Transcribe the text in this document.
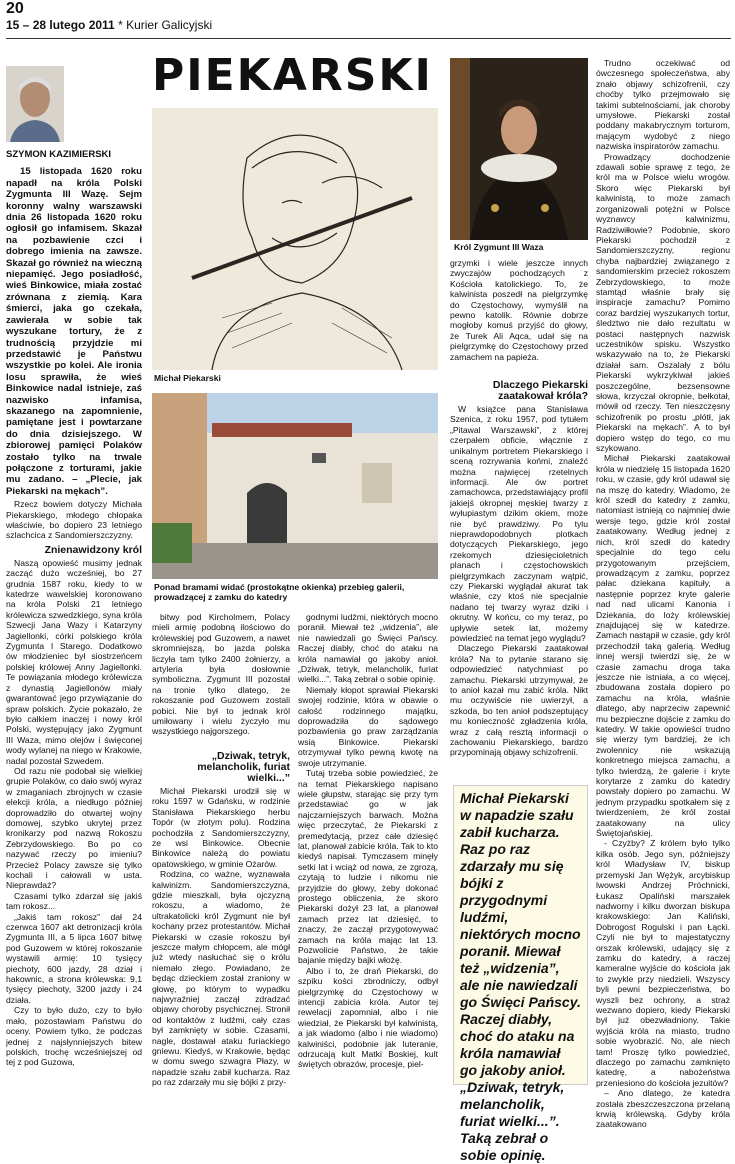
20
15 – 28 lutego 2011 * Kurier Galicyjski
PIEKARSKI
SZYMON KAZIMIERSKI

15 listopada 1620 roku napadł na króla Polski Zygmunta III Wazę. Sejm koronny walny warszawski dnia 26 listopada 1620 roku ogłosił go infamisem. Skazał na pozbawienie czci i dobrego imienia na zawsze. Skazał go również na wieczną niepamięć. Jego posiadłość, wieś Binkowice, miała zostać zrównana z ziemią. Kara śmierci, jaka go czekała, zawierała w sobie tak wyszukane tortury, że z trudnością przyjdzie mi przedstawić je Państwu wszystkie po kolei. Ale ironia losu sprawiła, że wieś Binkowice nadal istnieje, zaś nazwisko infamisa, skazanego na zapomnienie, pamiętane jest i powtarzane do dnia dzisiejszego. W zbiorowej pamięci Polaków zostało tylko na trwale połączone z torturami, jakie mu zadano. – „Plecie, jak Piekarski na mękach”.

Rzecz bowiem dotyczy Michała Piekarskiego, młodego chłopaka właściwie, bo dopiero 23 letniego szlachcica z Sandomierszczyzny.

Znienawidzony król

Naszą opowieść musimy jednak zacząć dużo wcześniej, bo 27 grudnia 1587 roku, kiedy to w katedrze wawelskiej koronowano na króla Polski 21 letniego królewicza szwedzkiego, syna króla Szwecji Jana Wazy i Katarzyny Jagiellonki, córki polskiego króla Zygmunta I Starego. Dodatkowo ów młodzieniec był siostrzeńcem polskiej królowej Anny Jagiellonki. Te powiązania młodego królewicza z dynastią Jagiellonów miały gwarantować jego przywiązanie do spraw polskich. Życie pokazało, że było całkiem inaczej i nowy król Polski, występujący jako Zygmunt III Waza, mimo olejów i święconej wody wylanej na niego w Krakowie, nadal pozostał Szwedem.

Od razu nie podobał się wielkiej grupie Polaków, co dało swój wyraz w zmaganiach zbrojnych w czasie elekcji króla, a niedługo później doprowadziło do otwartej wojny domowej, szybko ukrytej przez kronikarzy pod nazwą Rokoszu Zebrzydowskiego. Bo po co nazywać rzeczy po imieniu? Przecież Polacy zawsze się tylko kochali i całowali w usta. Nieprawdaż?

Czasami tylko zdarzał się jakiś tam rokosz...

„Jakiś tam rokosz” dał 24 czerwca 1607 akt detronizacji króla Zygmunta III, a 5 lipca 1607 bitwę pod Guzowem w której rokoszanie wystawili armię: 10 tysięcy piechoty, 600 jazdy, 28 dział i hakownic, a strona królewska: 9,1 tysięcy piechoty, 3200 jazdy i 24 działa.

Czy to było dużo, czy to było mało, pozostawiam Państwu do oceny. Powiem tylko, że podczas jednej z najsłynniejszych bitew polskich, trochę wcześniejszej od tej z pod Guzowa,

Michał Piekarski
Ponad bramami widać (prostokątne okienka) przebieg galerii, prowadzącej z zamku do katedry

bitwy pod Kircholmem, Polacy mieli armię podobną ilościowo do królewskiej pod Guzowem, a nawet skromniejszą, bo jazda polska liczyła tam tylko 2400 żołnierzy, a artyleria była dosłownie symboliczna. Zygmunt III pozostał na tronie tylko dlatego, że rokoszanie pod Guzowem zostali pobici. Nie był to jednak król umiłowany i wielu życzyło mu wszystkiego najgorszego.

„Dziwak, tetryk, melancholik, furiat wielki...”

Michał Piekarski urodził się w roku 1597 w Gdańsku, w rodzinie Stanisława Piekarskiego herbu Topór (w złotym polu). Rodzina pochodziła z Sandomierszczyzny, ze wsi Binkowice. Obecnie Binkowice należą do powiatu opatowskiego, w gminie Ożarów.

Rodzina, co ważne, wyznawała kalwinizm. Sandomierszczyzna, gdzie mieszkali, była ojczyzną rokoszu, a wiadomo, że ultrakatolicki król Zygmunt nie był kochany przez protestantów. Michał Piekarski w czasie rokoszu był jeszcze małym chłopcem, ale mógł już wtedy nasłuchać się o królu niemało złego. Powiadano, że będąc dzieckiem został zraniony w głowę, po którym to wypadku najwyraźniej zaczął zdradzać objawy choroby psychicznej. Stronił od kontaktów z ludźmi, cały czas był zamknięty w sobie. Czasami, nagle, dostawał ataku furiackiego gniewu. Kiedyś, w Krakowie, będąc w domu swego szwagra Płazy, w napadzie szału zabił kucharza. Raz po raz zdarzały mu się bójki z przy-

godnymi ludźmi, niektórych mocno poranił. Miewał też „widzenia”, ale nie nawiedzali go Święci Pańscy. Raczej diabły, choć do ataku na króla namawiał go jakoby anioł. „Dziwak, tetryk, melancholik, furiat wielki...”. Taką zebrał o sobie opinię.

Niemały kłopot sprawiał Piekarski swojej rodzinie, która w obawie o całość rodzinnego majątku, doprowadziła do sądowego pozbawienia go praw zarządzania wsią Binkowice. Piekarski otrzymywał tylko pewną kwotę na swoje utrzymanie.

Tutaj trzeba sobie powiedzieć, że na temat Piekarskiego napisano wiele głupstw, starając się przy tym przedstawiać go w jak najczarniejszych barwach. Można więc przeczytać, że Piekarski z premedytacją, przez całe dziesięć lat, planował zabicie króla. Tak to kto kiedyś napisał. Tymczasem minęły setki lat i wciąż od nowa, ze zgrozą, czytają to ludzie i nikomu nie przyjdzie do głowy, żeby dokonać prostego obliczenia, że skoro Piekarski dożył 23 lat, a planował zamach przez lat dziesięć, to znaczy, że zaczął przygotowywać zamach na króla mając lat 13. Pozwolicie Państwo, że takie bajanie między bajki włożę.

Albo i to, że drań Piekarski, do szpiku kości zbrodniczy, odbył pielgrzymkę do Częstochowy w intencji zabicia króla. Autor tej rewelacji zapomniał, albo i nie wiedział, że Piekarski był kalwinistą, a jak wiadomo (albo i nie wiadomo) kalwiniści, podobnie jak luteranie, odrzucają kult Matki Boskiej, kult świętych obrazów, procesje, piel-

Król Zygmunt III Waza

grzymki i wiele jeszcze innych zwyczajów pochodzących z Kościoła katolickiego. To, że kalwinista poszedł na pielgrzymkę do Częstochowy, wymyślił na pewno katolik. Równie dobrze mogłoby komuś przyjść do głowy, że Turek Ali Aqca, udał się na pielgrzymkę do Częstochowy przed zamachem na papieża.

Dlaczego Piekarski zaatakował króla?

W książce pana Stanisława Szenica, z roku 1957, pod tytułem „Pitawal Warszawski”, z której czerpałem obficie, włącznie z unikalnym portretem Piekarskiego i sceną rozrywania końmi, znaleźć można najwięcej rzetelnych informacji. Ale ów portret zamachowca, przedstawiający profil jakiejś okropnej męskiej twarzy z wyłupiastym dzikim okiem, może nie być prawdziwy. Po tylu nieprawdopodobnych plotkach dotyczących Piekarskiego, jego rzekomych dziesięcioletnich planach i częstochowskich pielgrzymkach zaczynam wątpić, czy Piekarski wyglądał akurat tak właśnie, czy ktoś nie specjalnie nadano tej twarzy wyraz dziki i okrutny. W końcu, co my teraz, po upływie setek lat, możemy powiedzieć na temat jego wyglądu?

Dlaczego Piekarski zaatakował króla? Na to pytanie starano się odpowiedzieć natychmiast po zamachu. Piekarski utrzymywał, że to anioł kazał mu zabić króla. Nikt mu oczywiście nie uwierzył, a szkoda, bo ten anioł podszeptujący mu konieczność zgładzenia króla, wraz z całą resztą informacji o zachowaniu Piekarskiego, bardzo przypominają objawy schizofrenii.

Michał Piekarski w napadzie szału zabił kucharza. Raz po raz zdarzały mu się bójki z przygodnymi ludźmi, niektórych mocno poranił. Miewał też „widzenia”, ale nie nawiedzali go Święci Pańscy. Raczej diabły, choć do ataku na króla namawiał go jakoby anioł. „Dziwak, tetryk, melancholik, furiat wielki...”. Taką zebrał o sobie opinię.

Trudno oczekiwać od ówczesnego społeczeństwa, aby znało objawy schizofrenii, czy choćby tylko przejmowało się takimi subtelnościami, jak choroby umysłowe. Piekarski został poddany makabrycznym torturom, mającym wydobyć z niego nazwiska inspiratorów zamachu.

Prowadzący dochodzenie zdawali sobie sprawę z tego, że król ma w Polsce wielu wrogów. Skoro więc Piekarski był kalwinistą, to może zamach zorganizowali potężni w Polsce wyznawcy kalwinizmu, Radziwiłłowie? Podobnie, skoro Piekarski pochodził z Sandomierszczyzny, regionu chyba najbardziej związanego z sandomierskim przecież rokoszem Zebrzydowskiego, to może stamtąd właśnie brały się inspiracje zamachu? Pomimo coraz bardziej wyszukanych tortur, śledztwo nie dało rezultatu w postaci następnych nazwisk uczestników spisku. Wszystko wskazywało na to, że Piekarski działał sam. Oszalały z bólu Piekarski wykrzykiwał jakieś poszczególne, bezsensowne słowa, krzyczał okropnie, bełkotał, mówił od rzeczy. Ten nieszczęsny schizofrenik po prostu „plótł, jak Piekarski na mękach”. A to był dopiero wstęp do tego, co mu szykowano.

Michał Piekarski zaatakował króla w niedzielę 15 listopada 1620 roku, w czasie, gdy król udawał się na mszę do katedry. Wiadomo, że król szedł do katedry z zamku, natomiast istnieją co najmniej dwie wersje tego, gdzie król został zaatakowany. Według jednej z nich, król szedł do katedry specjalnie do tego celu przygotowanym przejściem, prowadzącym z zamku, poprzez pałac dziekana kapituły, a następnie poprzez kryte galerie nad nad ulicami Kanonia i Dziekania, do loży królewskiej znajdującej się w katedrze. Zamach nastąpił w czasie, gdy król przechodził taką galerią. Według innej wersji twierdzi się, że w czasie zamachu droga taka jeszcze nie istniała, a co więcej, zbudowana została dopiero po zamachu na króla, właśnie dlatego, aby naprzeciw zapewnić mu bezpieczne dojście z zamku do katedry. W takie opowieści trudno się wierzy tym bardziej, że ich zwolennicy nie wskazują konkretnego miejsca zamachu, a tylko twierdzą, że galerie i kryte korytarze z zamku do katedry powstały dopiero po zamachu. W jednym przypadku spotkałem się z twierdzeniem, że król został zaatakowany na ulicy Świętojańskiej.

- Czyżby? Z królem było tylko kilka osób. Jego syn, późniejszy król Władysław IV, biskup przemyski Jan Wężyk, arcybiskup lwowski Andrzej Próchnicki, Łukasz Opaliński marszałek nadworny i kilku dworzan biskupa krakowskiego: Jan Kaliński, Dobrogost Rogulski i pan Łącki. Czyli nie był to majestatyczny orszak królewski, udający się z zamku do katedry, a raczej kameralne wyjście do kościoła jak to zwykle przy niedzieli. Wszyscy byli pewni bezpieczeństwa, bo wyszli bez ochrony, a straż wezwano dopiero, kiedy Piekarski był już obezwładniony. Takie wyjścia króla na miasto, trudno sobie wyobrazić. No, ale niech tam! Proszę tylko powiedzieć, dlaczego po zamachu zamknięto katedrę, a nabożeństwa przeniesiono do kościoła jezuitów?

– Ano dlatego, że katedra została zbeszczeszczona przelaną krwią królewską. Gdyby króla zaatakowano
